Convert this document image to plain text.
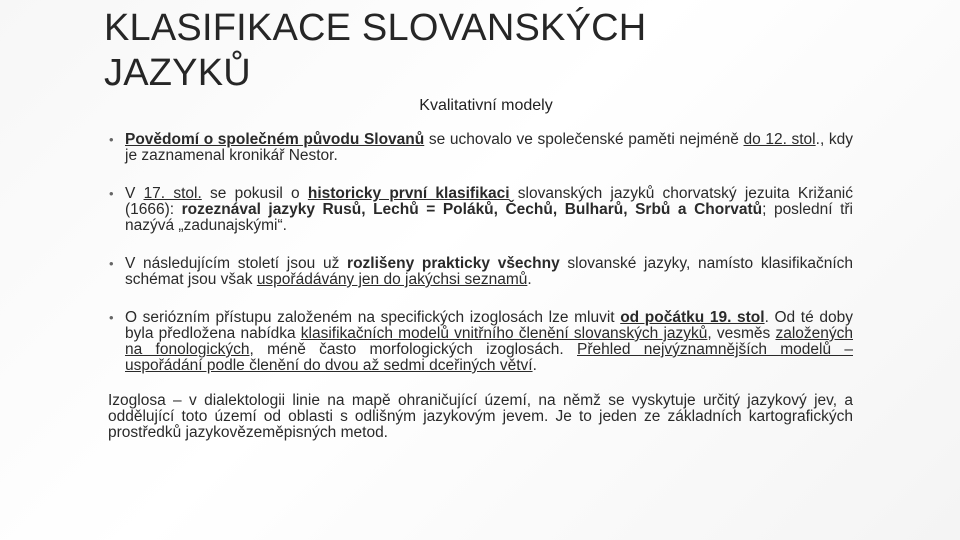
KLASIFIKACE SLOVANSKÝCH JAZYKŮ
Kvalitativní modely
• Povědomí o společném původu Slovanů se uchovalo ve společenské paměti nejméně do 12. stol., kdy je zaznamenal kronikář Nestor.
• V 17. stol. se pokusil o historicky první klasifikaci slovanských jazyků chorvatský jezuita Križanić (1666): rozeznával jazyky Rusů, Lechů = Poláků, Čechů, Bulharů, Srbů a Chorvatů; poslední tři nazývá „zadunajskými“.
• V následujícím století jsou už rozlišeny prakticky všechny slovanské jazyky, namísto klasifikačních schémat jsou však uspořádávány jen do jakýchsi seznamů.
• O seriózním přístupu založeném na specifických izoglosách lze mluvit od počátku 19. stol. Od té doby byla předložena nabídka klasifikačních modelů vnitřního členění slovanských jazyků, vesměs založených na fonologických, méně často morfologických izoglosách. Přehled nejvýznamnějších modelů – uspořádání podle členění do dvou až sedmi dceřiných větví.
Izoglosa – v dialektologii linie na mapě ohraničující území, na němž se vyskytuje určitý jazykový jev, a oddělující toto území od oblasti s odlišným jazykovým jevem. Je to jeden ze základních kartografických prostředků jazykovězeměpisných metod.
